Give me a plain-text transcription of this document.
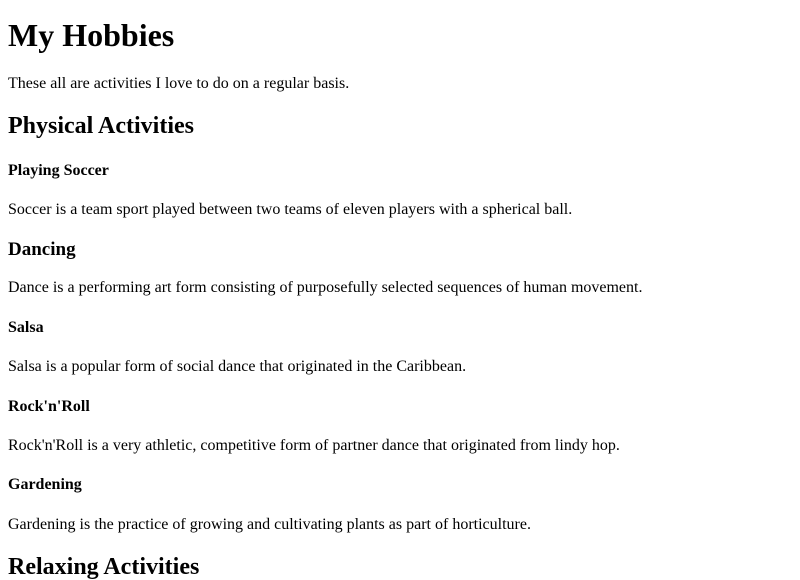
My Hobbies

These all are activities I love to do on a regular basis.

Physical Activities
Playing Soccer

Soccer is a team sport played between two teams of eleven players with a spherical ball.

Dancing

Dance is a performing art form consisting of purposefully selected sequences of human movement.

Salsa

Salsa is a popular form of social dance that originated in the Caribbean.

Rock'n'Roll

Rock'n'Roll is a very athletic, competitive form of partner dance that originated from lindy hop.

Gardening

Gardening is the practice of growing and cultivating plants as part of horticulture.

Relaxing Activities
